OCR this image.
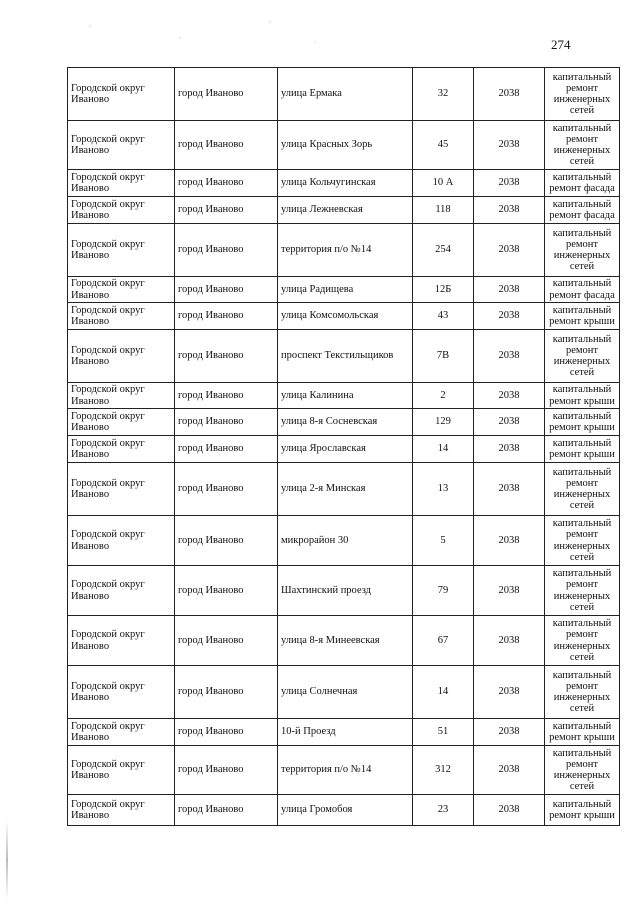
274
Городской округ Иваново	город Иваново	улица Ермака	32	2038	капитальный ремонт инженерных сетей
Городской округ Иваново	город Иваново	улица Красных Зорь	45	2038	капитальный ремонт инженерных сетей
Городской округ Иваново	город Иваново	улица Кольчугинская	10 А	2038	капитальный ремонт фасада
Городской округ Иваново	город Иваново	улица Лежневская	118	2038	капитальный ремонт фасада
Городской округ Иваново	город Иваново	территория п/о №14	254	2038	капитальный ремонт инженерных сетей
Городской округ Иваново	город Иваново	улица Радищева	12Б	2038	капитальный ремонт фасада
Городской округ Иваново	город Иваново	улица Комсомольская	43	2038	капитальный ремонт крыши
Городской округ Иваново	город Иваново	проспект Текстильщиков	7В	2038	капитальный ремонт инженерных сетей
Городской округ Иваново	город Иваново	улица Калинина	2	2038	капитальный ремонт крыши
Городской округ Иваново	город Иваново	улица 8-я Сосневская	129	2038	капитальный ремонт крыши
Городской округ Иваново	город Иваново	улица Ярославская	14	2038	капитальный ремонт крыши
Городской округ Иваново	город Иваново	улица 2-я Минская	13	2038	капитальный ремонт инженерных сетей
Городской округ Иваново	город Иваново	микрорайон 30	5	2038	капитальный ремонт инженерных сетей
Городской округ Иваново	город Иваново	Шахтинский проезд	79	2038	капитальный ремонт инженерных сетей
Городской округ Иваново	город Иваново	улица 8-я Минеевская	67	2038	капитальный ремонт инженерных сетей
Городской округ Иваново	город Иваново	улица Солнечная	14	2038	капитальный ремонт инженерных сетей
Городской округ Иваново	город Иваново	10-й Проезд	51	2038	капитальный ремонт крыши
Городской округ Иваново	город Иваново	территория п/о №14	312	2038	капитальный ремонт инженерных сетей
Городской округ Иваново	город Иваново	улица Громобоя	23	2038	капитальный ремонт крыши
